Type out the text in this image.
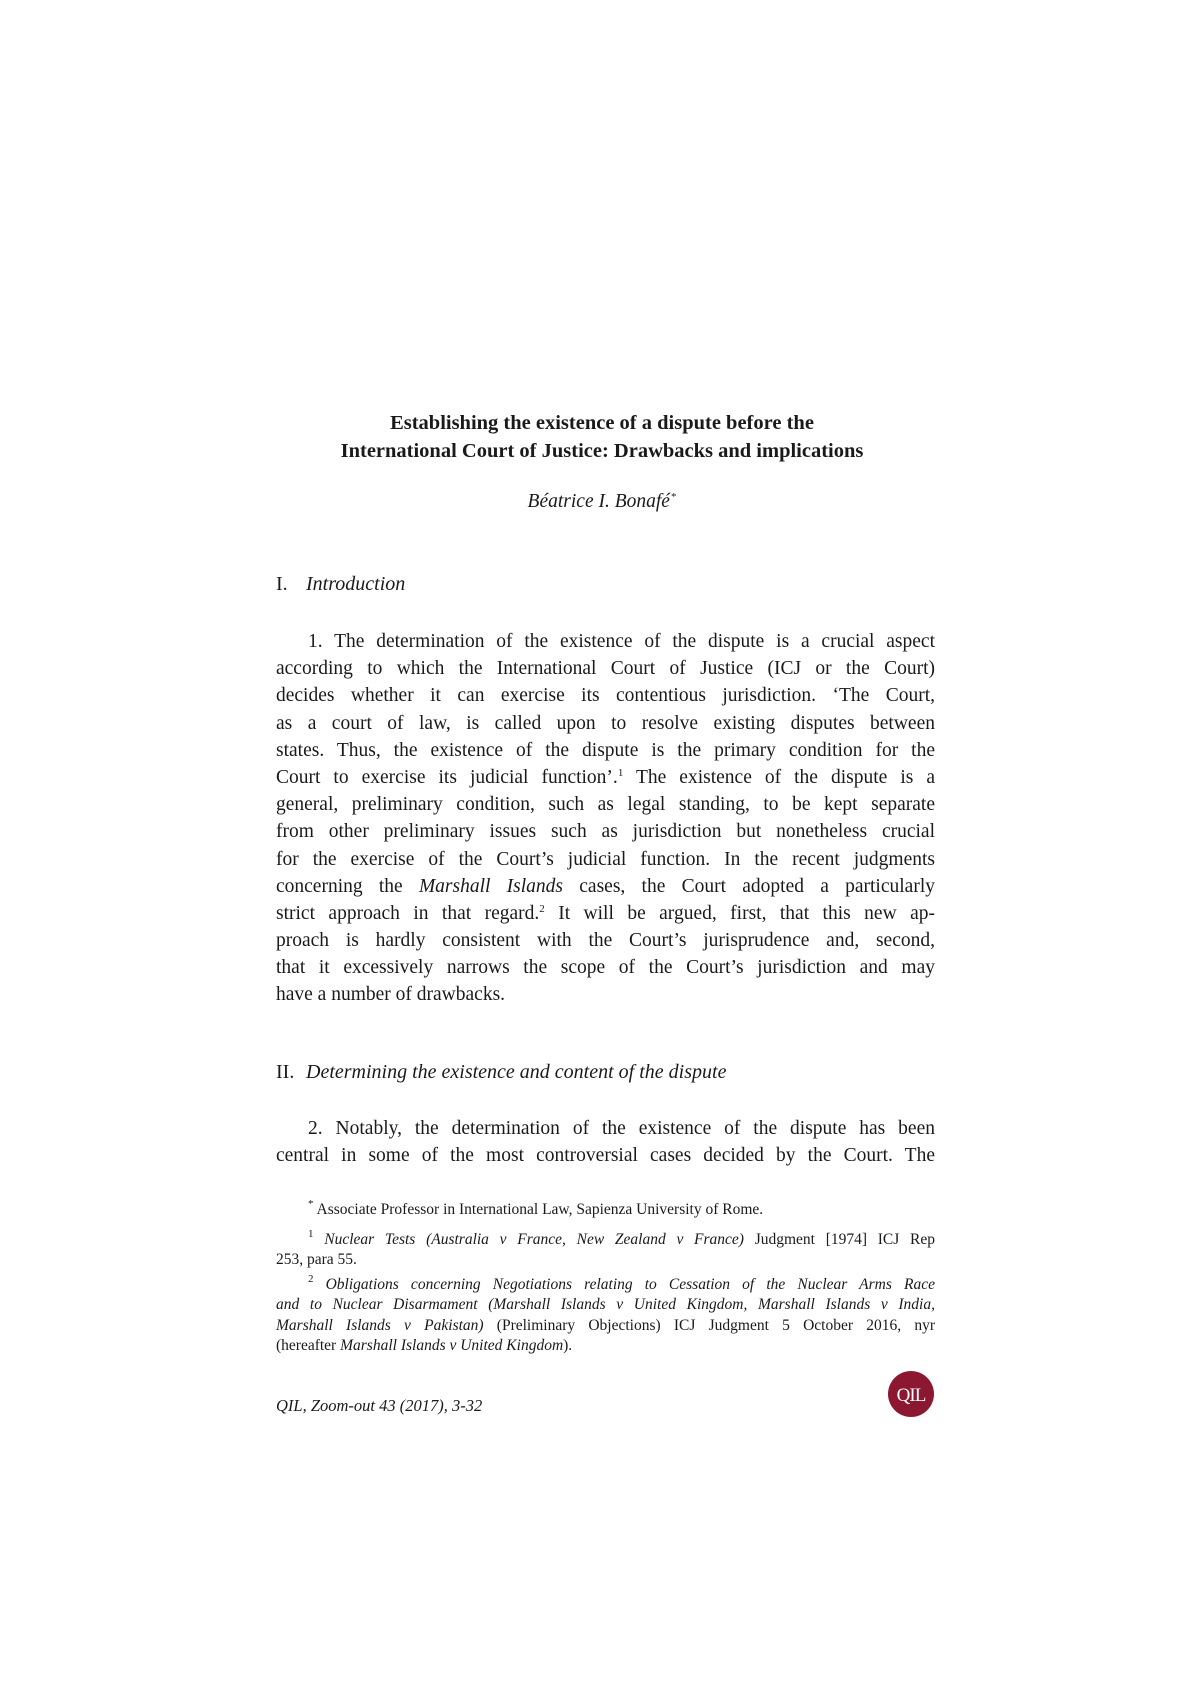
Establishing the existence of a dispute before the
International Court of Justice: Drawbacks and implications
Béatrice I. Bonafé*
I. Introduction
1. The determination of the existence of the dispute is a crucial aspect
according to which the International Court of Justice (ICJ or the Court)
decides whether it can exercise its contentious jurisdiction. ‘The Court,
as a court of law, is called upon to resolve existing disputes between
states. Thus, the existence of the dispute is the primary condition for the
Court to exercise its judicial function’.$^1$ The existence of the dispute is a
general, preliminary condition, such as legal standing, to be kept separate
from other preliminary issues such as jurisdiction but nonetheless crucial
for the exercise of the Court’s judicial function. In the recent judgments
concerning the Marshall Islands cases, the Court adopted a particularly
strict approach in that regard.$^2$ It will be argued, first, that this new ap-
proach is hardly consistent with the Court’s jurisprudence and, second,
that it excessively narrows the scope of the Court’s jurisdiction and may
have a number of drawbacks.
II. Determining the existence and content of the dispute
2. Notably, the determination of the existence of the dispute has been
central in some of the most controversial cases decided by the Court. The
* Associate Professor in International Law, Sapienza University of Rome.
$^1$ Nuclear Tests (Australia v France, New Zealand v France) Judgment [1974] ICJ Rep
253, para 55.
$^2$ Obligations concerning Negotiations relating to Cessation of the Nuclear Arms Race
and to Nuclear Disarmament (Marshall Islands v United Kingdom, Marshall Islands v India,
Marshall Islands v Pakistan) (Preliminary Objections) ICJ Judgment 5 October 2016, nyr
(hereafter Marshall Islands v United Kingdom).
QIL, Zoom-out 43 (2017), 3-32	QIL
